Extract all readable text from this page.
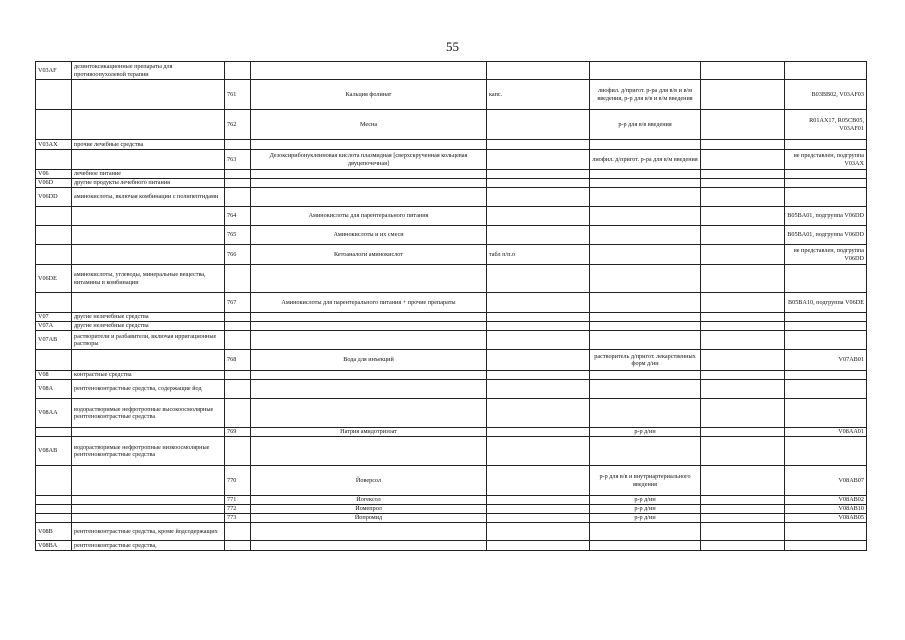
55
V03AF	дезинтоксикационные препараты для противоопухолевой терапии						
		761	Кальция фолинат	капс.	лиофил. д/пригот. р-ра для в/в и в/м введения, р-р для в/в и в/м введения		B03BB02, V03AF03
		762	Месна		р-р для в/в введения		R01AX17, R05CB05, V03AF01
V03AX	прочие лечебные средства						
		763	Дезоксирибонуклеиновая кислота плазмидная [сверхскрученная кольцевая двуцепочечная]		лиофил. д/пригот. р-ра для в/м введения		не представлен, подгруппа V03AX
V06	лечебное питание						
V06D	другие продукты лечебного питания						
V06DD	аминокислоты, включая комбинации с полипептидами						
		764	Аминокислоты для парентерального питания				B05BA01, подгруппа V06DD
		765	Аминокислоты и их смеси				B05BA01, подгруппа V06DD
		766	Кетоаналоги аминокислот	табл п/п.о			не представлен, подгруппа V06DD
V06DE	аминокислоты, углеводы, минеральные вещества, витамины в комбинации						
		767	Аминокислоты для парентерального питания + прочие препараты				B05BA10, подгруппа V06DE
V07	другие нелечебные средства						
V07A	другие нелечебные средства						
V07AB	растворители и разбавители, включая ирригационные растворы						
		768	Вода для инъекций		растворитель д/пригот. лекарственных форм д/ин		V07AB01
V08	контрастные средства						
V08A	рентгеноконтрастные средства, содержащие йод						
V08AA	водорастворимые нефротропные высокоосмолярные рентгеноконтрастные средства						
		769	Натрия амидотризоат		р-р д/ин		V08AA01
V08AB	водорастворимые нефротропные низкоосмолярные рентгеноконтрастные средства						
		770	Йоверсол		р-р для в/в и внутриартериального введения		V08AB07
		771	Йогексол		р-р д/ин		V08AB02
		772	Йомепрол		р-р д/ин		V08AB10
		773	Йопромид		р-р д/ин		V08AB05
V08B	рентгеноконтрастные средства, кроме йодсодержащих						
V08BA	рентгеноконтрастные средства,						
